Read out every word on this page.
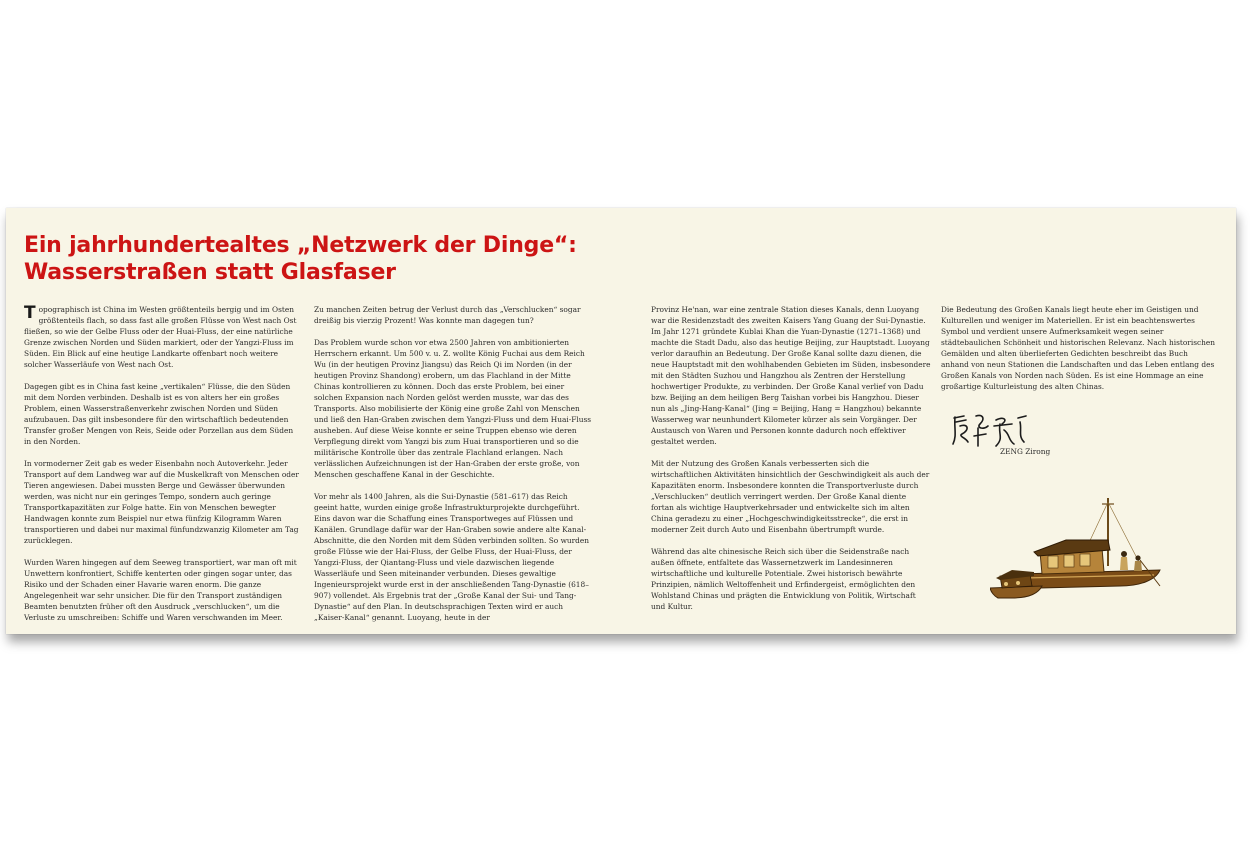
Ein jahrhundertealtes „Netzwerk der Dinge“:
Wasserstraßen statt Glasfaser

Topographisch ist China im Westen größtenteils bergig und im Osten größtenteils flach, so dass fast alle großen Flüsse von West nach Ost fließen, so wie der Gelbe Fluss oder der Huai-Fluss, der eine natürliche Grenze zwischen Norden und Süden markiert, oder der Yangzi-Fluss im Süden. Ein Blick auf eine heutige Landkarte offenbart noch weitere solcher Wasserläufe von West nach Ost.

Dagegen gibt es in China fast keine „vertikalen“ Flüsse, die den Süden mit dem Norden verbinden. Deshalb ist es von alters her ein großes Problem, einen Wasserstraßenverkehr zwischen Norden und Süden aufzubauen. Das gilt insbesondere für den wirtschaftlich bedeutenden Transfer großer Mengen von Reis, Seide oder Porzellan aus dem Süden in den Norden.

In vormoderner Zeit gab es weder Eisenbahn noch Autoverkehr. Jeder Transport auf dem Landweg war auf die Muskelkraft von Menschen oder Tieren angewiesen. Dabei mussten Berge und Gewässer überwunden werden, was nicht nur ein geringes Tempo, sondern auch geringe Transportkapazitäten zur Folge hatte. Ein von Menschen bewegter Handwagen konnte zum Beispiel nur etwa fünfzig Kilogramm Waren transportieren und dabei nur maximal fünfundzwanzig Kilometer am Tag zurücklegen.

Wurden Waren hingegen auf dem Seeweg transportiert, war man oft mit Unwettern konfrontiert, Schiffe kenterten oder gingen sogar unter, das Risiko und der Schaden einer Havarie waren enorm. Die ganze Angelegenheit war sehr unsicher. Die für den Transport zuständigen Beamten benutzten früher oft den Ausdruck „verschlucken“, um die Verluste zu umschreiben: Schiffe und Waren verschwanden im Meer.

Zu manchen Zeiten betrug der Verlust durch das „Verschlucken“ sogar dreißig bis vierzig Prozent! Was konnte man dagegen tun?

Das Problem wurde schon vor etwa 2500 Jahren von ambitionierten Herrschern erkannt. Um 500 v. u. Z. wollte König Fuchai aus dem Reich Wu (in der heutigen Provinz Jiangsu) das Reich Qi im Norden (in der heutigen Provinz Shandong) erobern, um das Flachland in der Mitte Chinas kontrollieren zu können. Doch das erste Problem, bei einer solchen Expansion nach Norden gelöst werden musste, war das des Transports. Also mobilisierte der König eine große Zahl von Menschen und ließ den Han-Graben zwischen dem Yangzi-Fluss und dem Huai-Fluss ausheben. Auf diese Weise konnte er seine Truppen ebenso wie deren Verpflegung direkt vom Yangzi bis zum Huai transportieren und so die militärische Kontrolle über das zentrale Flachland erlangen. Nach verlässlichen Aufzeichnungen ist der Han-Graben der erste große, von Menschen geschaffene Kanal in der Geschichte.

Vor mehr als 1400 Jahren, als die Sui-Dynastie (581–617) das Reich geeint hatte, wurden einige große Infrastrukturprojekte durchgeführt. Eins davon war die Schaffung eines Transportweges auf Flüssen und Kanälen. Grundlage dafür war der Han-Graben sowie andere alte Kanal-Abschnitte, die den Norden mit dem Süden verbinden sollten. So wurden große Flüsse wie der Hai-Fluss, der Gelbe Fluss, der Huai-Fluss, der Yangzi-Fluss, der Qiantang-Fluss und viele dazwischen liegende Wasserläufe und Seen miteinander verbunden. Dieses gewaltige Ingenieursprojekt wurde erst in der anschließenden Tang-Dynastie (618–907) vollendet. Als Ergebnis trat der „Große Kanal der Sui- und Tang-Dynastie“ auf den Plan. In deutschsprachigen Texten wird er auch „Kaiser-Kanal“ genannt. Luoyang, heute in der

Provinz He'nan, war eine zentrale Station dieses Kanals, denn Luoyang war die Residenzstadt des zweiten Kaisers Yang Guang der Sui-Dynastie. Im Jahr 1271 gründete Kublai Khan die Yuan-Dynastie (1271–1368) und machte die Stadt Dadu, also das heutige Beijing, zur Hauptstadt. Luoyang verlor daraufhin an Bedeutung. Der Große Kanal sollte dazu dienen, die neue Hauptstadt mit den wohlhabenden Gebieten im Süden, insbesondere mit den Städten Suzhou und Hangzhou als Zentren der Herstellung hochwertiger Produkte, zu verbinden. Der Große Kanal verlief von Dadu bzw. Beijing an dem heiligen Berg Taishan vorbei bis Hangzhou. Dieser nun als „Jing-Hang-Kanal“ (Jing = Beijing, Hang = Hangzhou) bekannte Wasserweg war neunhundert Kilometer kürzer als sein Vorgänger. Der Austausch von Waren und Personen konnte dadurch noch effektiver gestaltet werden.

Mit der Nutzung des Großen Kanals verbesserten sich die wirtschaftlichen Aktivitäten hinsichtlich der Geschwindigkeit als auch der Kapazitäten enorm. Insbesondere konnten die Transportverluste durch „Verschlucken“ deutlich verringert werden. Der Große Kanal diente fortan als wichtige Hauptverkehrsader und entwickelte sich im alten China geradezu zu einer „Hochgeschwindigkeitsstrecke“, die erst in moderner Zeit durch Auto und Eisenbahn übertrumpft wurde.

Während das alte chinesische Reich sich über die Seidenstraße nach außen öffnete, entfaltete das Wassernetzwerk im Landesinneren wirtschaftliche und kulturelle Potentiale. Zwei historisch bewährte Prinzipien, nämlich Weltoffenheit und Erfindergeist, ermöglichten den Wohlstand Chinas und prägten die Entwicklung von Politik, Wirtschaft und Kultur.

Die Bedeutung des Großen Kanals liegt heute eher im Geistigen und Kulturellen und weniger im Materiellen. Er ist ein beachtenswertes Symbol und verdient unsere Aufmerksamkeit wegen seiner städtebaulichen Schönheit und historischen Relevanz. Nach historischen Gemälden und alten überlieferten Gedichten beschreibt das Buch anhand von neun Stationen die Landschaften und das Leben entlang des Großen Kanals von Norden nach Süden. Es ist eine Hommage an eine großartige Kulturleistung des alten Chinas.

ZENG Zirong
